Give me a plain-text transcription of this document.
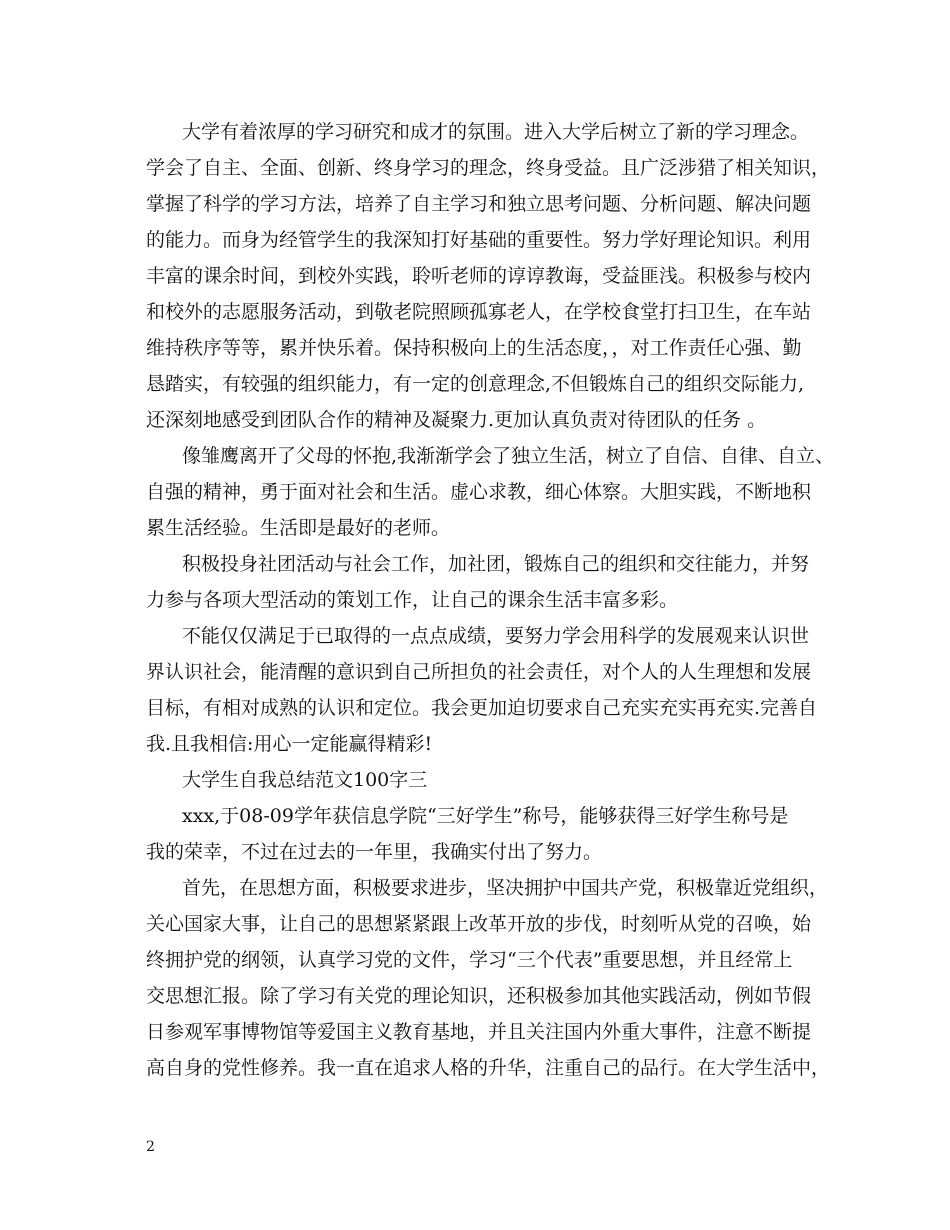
大学有着浓厚的学习研究和成才的氛围。进入大学后树立了新的学习理念。
学会了自主、全面、创新、终身学习的理念，终身受益。且广泛涉猎了相关知识，
掌握了科学的学习方法，培养了自主学习和独立思考问题、分析问题、解决问题
的能力。而身为经管学生的我深知打好基础的重要性。努力学好理论知识。利用
丰富的课余时间，到校外实践，聆听老师的谆谆教诲，受益匪浅。积极参与校内
和校外的志愿服务活动，到敬老院照顾孤寡老人，在学校食堂打扫卫生，在车站
维持秩序等等，累并快乐着。保持积极向上的生活态度，，对工作责任心强、勤
恳踏实，有较强的组织能力，有一定的创意理念,不但锻炼自己的组织交际能力,
还深刻地感受到团队合作的精神及凝聚力.更加认真负责对待团队的任务 。
像雏鹰离开了父母的怀抱,我渐渐学会了独立生活，树立了自信、自律、自立、
自强的精神，勇于面对社会和生活。虚心求教，细心体察。大胆实践，不断地积
累生活经验。生活即是最好的老师。
积极投身社团活动与社会工作，加社团，锻炼自己的组织和交往能力，并努
力参与各项大型活动的策划工作，让自己的课余生活丰富多彩。
不能仅仅满足于已取得的一点点成绩，要努力学会用科学的发展观来认识世
界认识社会，能清醒的意识到自己所担负的社会责任，对个人的人生理想和发展
目标，有相对成熟的认识和定位。我会更加迫切要求自己充实充实再充实.完善自
我.且我相信:用心一定能赢得精彩!
大学生自我总结范文100字三
xxx,于08-09学年获信息学院“三好学生”称号，能够获得三好学生称号是
我的荣幸，不过在过去的一年里，我确实付出了努力。
首先，在思想方面，积极要求进步，坚决拥护中国共产党，积极靠近党组织，
关心国家大事，让自己的思想紧紧跟上改革开放的步伐，时刻听从党的召唤，始
终拥护党的纲领，认真学习党的文件，学习“三个代表”重要思想，并且经常上
交思想汇报。除了学习有关党的理论知识，还积极参加其他实践活动，例如节假
日参观军事博物馆等爱国主义教育基地，并且关注国内外重大事件，注意不断提
高自身的党性修养。我一直在追求人格的升华，注重自己的品行。在大学生活中，
2
